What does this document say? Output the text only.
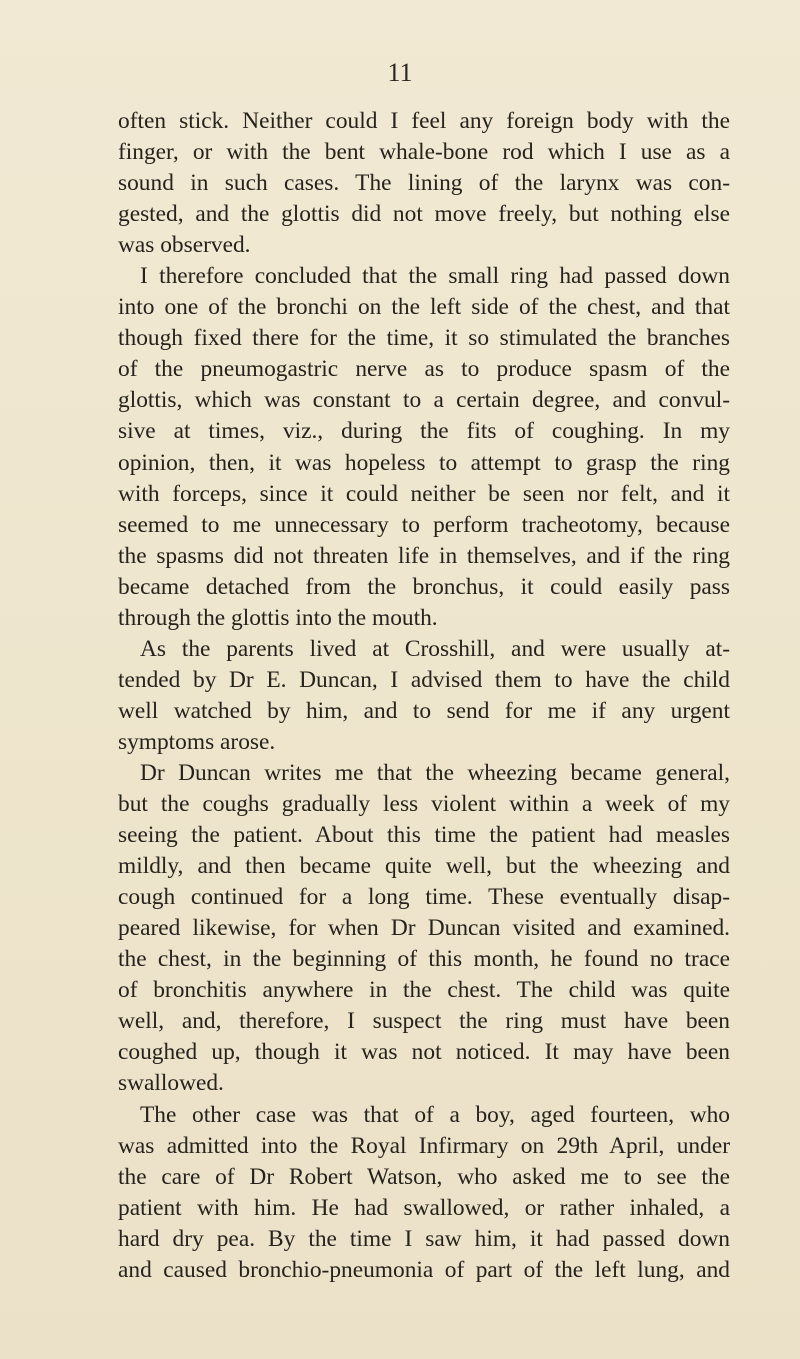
11

often stick. Neither could I feel any foreign body with the
finger, or with the bent whale-bone rod which I use as a
sound in such cases. The lining of the larynx was con-
gested, and the glottis did not move freely, but nothing else
was observed.
I therefore concluded that the small ring had passed down
into one of the bronchi on the left side of the chest, and that
though fixed there for the time, it so stimulated the branches
of the pneumogastric nerve as to produce spasm of the
glottis, which was constant to a certain degree, and convul-
sive at times, viz., during the fits of coughing. In my
opinion, then, it was hopeless to attempt to grasp the ring
with forceps, since it could neither be seen nor felt, and it
seemed to me unnecessary to perform tracheotomy, because
the spasms did not threaten life in themselves, and if the ring
became detached from the bronchus, it could easily pass
through the glottis into the mouth.
As the parents lived at Crosshill, and were usually at-
tended by Dr E. Duncan, I advised them to have the child
well watched by him, and to send for me if any urgent
symptoms arose.
Dr Duncan writes me that the wheezing became general,
but the coughs gradually less violent within a week of my
seeing the patient. About this time the patient had measles
mildly, and then became quite well, but the wheezing and
cough continued for a long time. These eventually disap-
peared likewise, for when Dr Duncan visited and examined.
the chest, in the beginning of this month, he found no trace
of bronchitis anywhere in the chest. The child was quite
well, and, therefore, I suspect the ring must have been
coughed up, though it was not noticed. It may have been
swallowed.
The other case was that of a boy, aged fourteen, who
was admitted into the Royal Infirmary on 29th April, under
the care of Dr Robert Watson, who asked me to see the
patient with him. He had swallowed, or rather inhaled, a
hard dry pea. By the time I saw him, it had passed down
and caused bronchio-pneumonia of part of the left lung, and
